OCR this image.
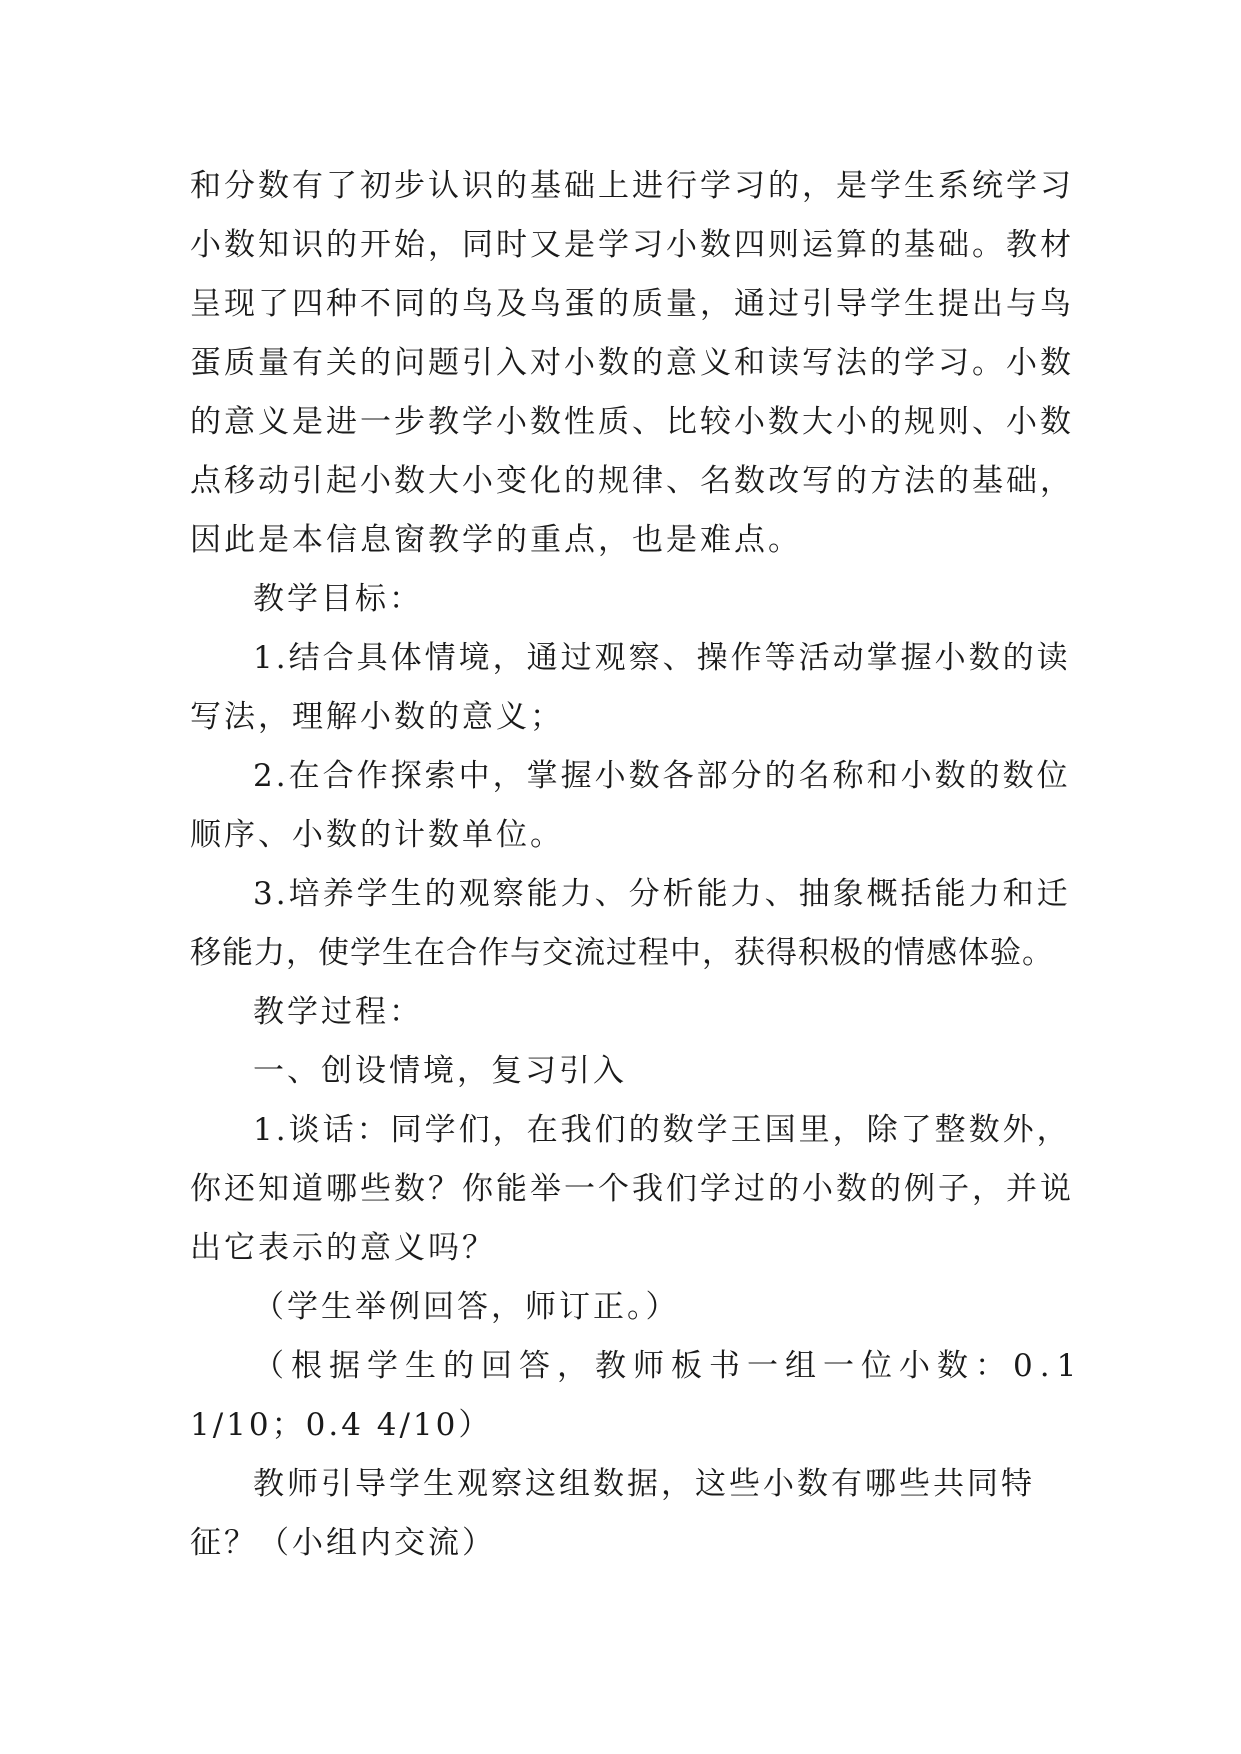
和分数有了初步认识的基础上进行学习的，是学生系统学习
小数知识的开始，同时又是学习小数四则运算的基础。教材
呈现了四种不同的鸟及鸟蛋的质量，通过引导学生提出与鸟
蛋质量有关的问题引入对小数的意义和读写法的学习。小数
的意义是进一步教学小数性质、比较小数大小的规则、小数
点移动引起小数大小变化的规律、名数改写的方法的基础，
因此是本信息窗教学的重点，也是难点。
教学目标：
1.结合具体情境，通过观察、操作等活动掌握小数的读
写法，理解小数的意义；
2.在合作探索中，掌握小数各部分的名称和小数的数位
顺序、小数的计数单位。
3.培养学生的观察能力、分析能力、抽象概括能力和迁
移能力，使学生在合作与交流过程中，获得积极的情感体验。
教学过程：
一、创设情境，复习引入
1.谈话：同学们，在我们的数学王国里，除了整数外，
你还知道哪些数？你能举一个我们学过的小数的例子，并说
出它表示的意义吗？
（学生举例回答，师订正。）
（根据学生的回答，教师板书一组一位小数：0.1
1/10；0.4 4/10）
教师引导学生观察这组数据，这些小数有哪些共同特
征？（小组内交流）
